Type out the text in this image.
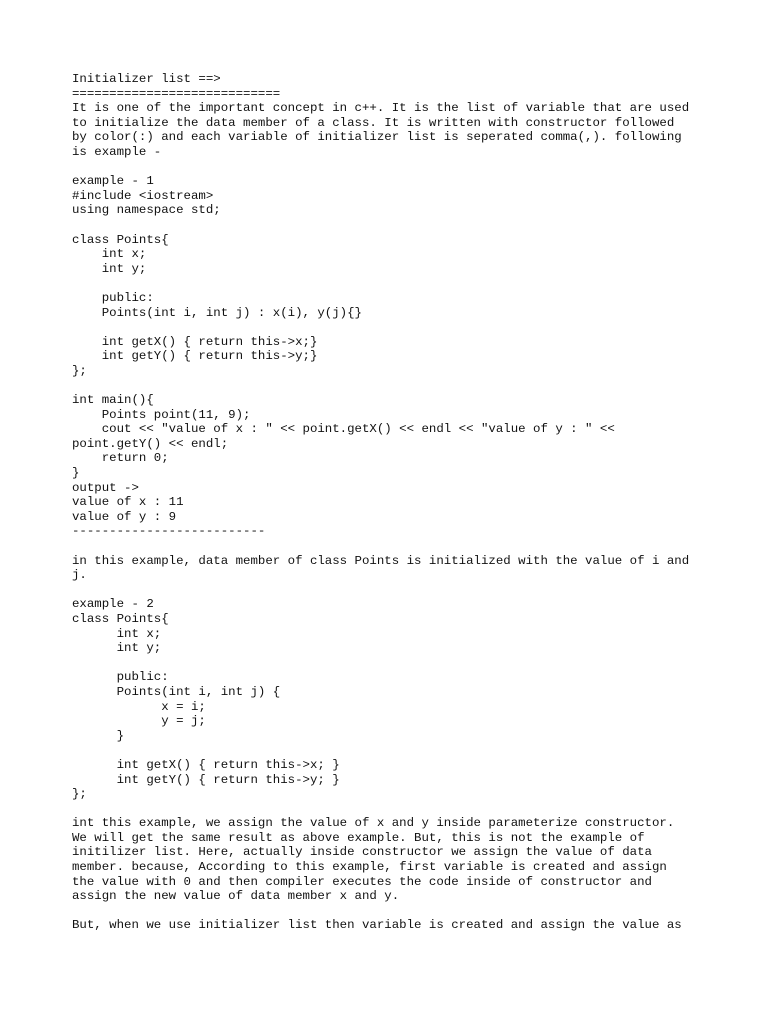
Initializer list ==>
============================
It is one of the important concept in c++. It is the list of variable that are used
to initialize the data member of a class. It is written with constructor followed
by color(:) and each variable of initializer list is seperated comma(,). following
is example -
example - 1
#include <iostream>
using namespace std;
class Points{
int x;
int y;
public:
Points(int i, int j) : x(i), y(j){}
int getX() { return this->x;}
int getY() { return this->y;}
};
int main(){
Points point(11, 9);
cout << "value of x : " << point.getX() << endl << "value of y : " <<
point.getY() << endl;
return 0;
}
output ->
value of x : 11
value of y : 9
--------------------------
in this example, data member of class Points is initialized with the value of i and
j.
example - 2
class Points{
int x;
int y;
public:
Points(int i, int j) {
x = i;
y = j;
}
int getX() { return this->x; }
int getY() { return this->y; }
};
int this example, we assign the value of x and y inside parameterize constructor.
We will get the same result as above example. But, this is not the example of
initilizer list. Here, actually inside constructor we assign the value of data
member. because, According to this example, first variable is created and assign
the value with 0 and then compiler executes the code inside of constructor and
assign the new value of data member x and y.
But, when we use initializer list then variable is created and assign the value as
